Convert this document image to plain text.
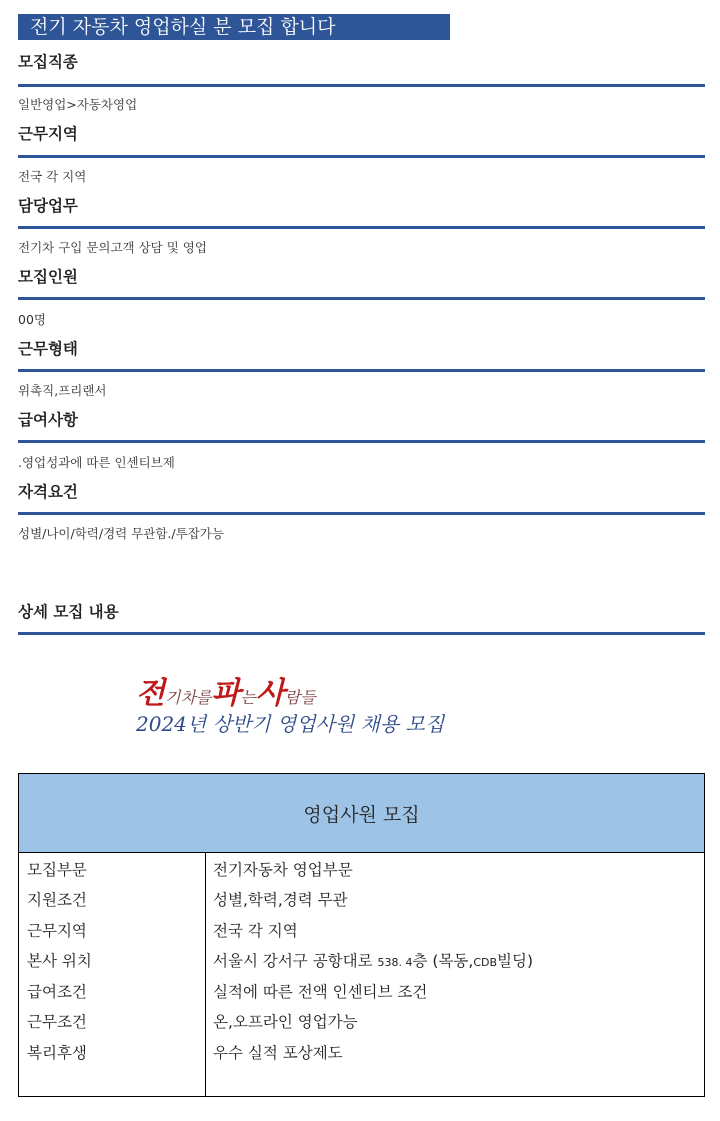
전기 자동차 영업하실 분 모집 합니다
모집직종
일반영업>자동차영업
근무지역
전국 각 지역
담당업무
전기차 구입 문의고객 상담 및 영업
모집인원
00명
근무형태
위촉직,프리랜서
급여사항
.영업성과에 따른 인센티브제
자격요건
성별/나이/학력/경력 무관함./투잡가능
상세 모집 내용
전기차를파는사람들
2024년 상반기 영업사원 채용 모집
영업사원 모집
모집부문	전기자동차 영업부문
지원조건	성별,학력,경력 무관
근무지역	전국 각 지역
본사 위치	서울시 강서구 공항대로 538. 4층 (목동,CDB빌딩)
급여조건	실적에 따른 전액 인센티브 조건
근무조건	온,오프라인 영업가능
복리후생	우수 실적 포상제도
